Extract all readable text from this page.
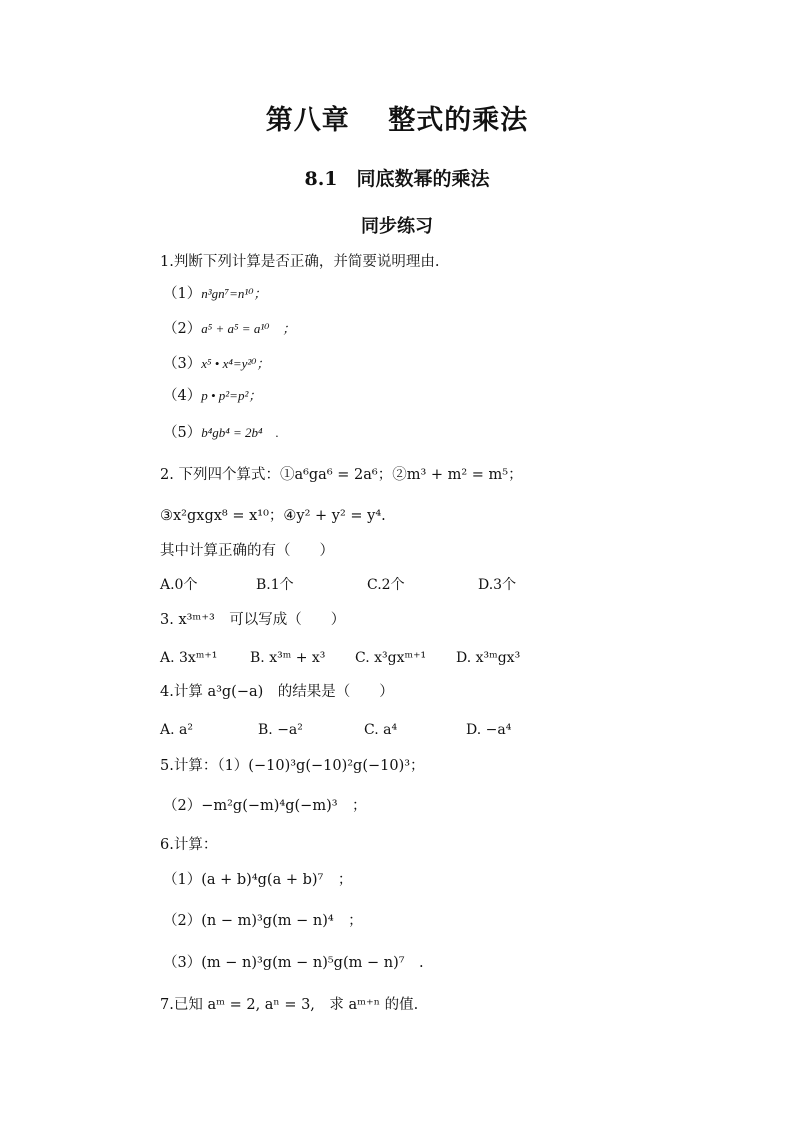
第八章　 整式的乘法
8.1　同底数幂的乘法
同步练习
1.判断下列计算是否正确，并简要说明理由.
（1）n³gn⁷=n¹⁰；
（2）a⁵ + a⁵ = a¹⁰　；
（3）x⁵ • x⁴=y²⁰；
（4）p • p²=p²；
（5）b⁴gb⁴ = 2b⁴　.
2. 下列四个算式：①a⁶ga⁶ = 2a⁶；②m³ + m² = m⁵；
③x²gxgx⁸ = x¹⁰；④y² + y² = y⁴.
其中计算正确的有（　　）
A.0个	B.1个	C.2个	D.3个
3. x³ᵐ⁺³　可以写成（　　）
A. 3xᵐ⁺¹ B. x³ᵐ + x³ C. x³gxᵐ⁺¹ D. x³ᵐgx³
4.计算 a³g(−a)　的结果是（　　）
A. a²	B. −a²	C. a⁴	D. −a⁴
5.计算：（1）(−10)³g(−10)²g(−10)³；
（2）−m²g(−m)⁴g(−m)³　；
6.计算：
（1）(a + b)⁴g(a + b)⁷　；
（2）(n − m)³g(m − n)⁴　；
（3）(m − n)³g(m − n)⁵g(m − n)⁷　.
7.已知 aᵐ = 2, aⁿ = 3,　求 aᵐ⁺ⁿ 的值.
